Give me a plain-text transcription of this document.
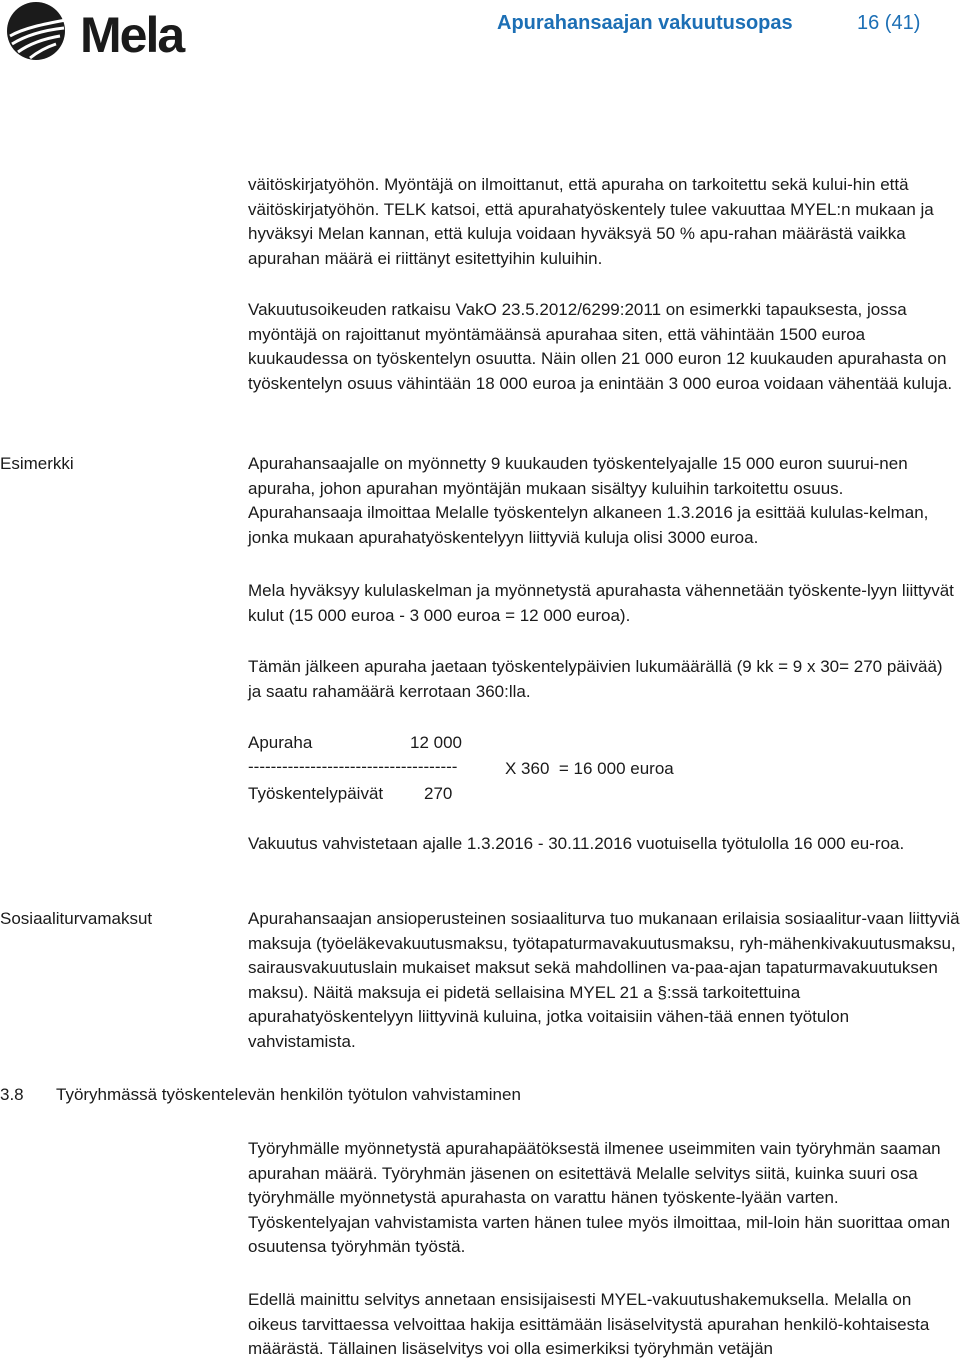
Mela	Apurahansaajan vakuutusopas	16 (41)

väitöskirjatyöhön. Myöntäjä on ilmoittanut, että apuraha on tarkoitettu sekä kului-hin että väitöskirjatyöhön. TELK katsoi, että apurahatyöskentely tulee vakuuttaa MYEL:n mukaan ja hyväksyi Melan kannan, että kuluja voidaan hyväksyä 50 % apu-rahan määrästä vaikka apurahan määrä ei riittänyt esitettyihin kuluihin.

Vakuutusoikeuden ratkaisu VakO 23.5.2012/6299:2011 on esimerkki tapauksesta, jossa myöntäjä on rajoittanut myöntämäänsä apurahaa siten, että vähintään 1500 euroa kuukaudessa on työskentelyn osuutta. Näin ollen 21 000 euron 12 kuukauden apurahasta on työskentelyn osuus vähintään 18 000 euroa ja enintään 3 000 euroa voidaan vähentää kuluja.

Esimerkki	Apurahansaajalle on myönnetty 9 kuukauden työskentelyajalle 15 000 euron suurui-nen apuraha, johon apurahan myöntäjän mukaan sisältyy kuluihin tarkoitettu osuus. Apurahansaaja ilmoittaa Melalle työskentelyn alkaneen 1.3.2016 ja esittää kululas-kelman, jonka mukaan apurahatyöskentelyyn liittyviä kuluja olisi 3000 euroa.

Mela hyväksyy kululaskelman ja myönnetystä apurahasta vähennetään työskente-lyyn liittyvät kulut (15 000 euroa - 3 000 euroa = 12 000 euroa).

Tämän jälkeen apuraha jaetaan työskentelypäivien lukumäärällä (9 kk = 9 x 30= 270 päivää) ja saatu rahamäärä kerrotaan 360:lla.

Apuraha	12 000
-------------------------------------	X 360  = 16 000 euroa
Työskentelypäivät 270

Vakuutus vahvistetaan ajalle 1.3.2016 - 30.11.2016 vuotuisella työtulolla 16 000 eu-roa.

Sosiaaliturvamaksut	Apurahansaajan ansioperusteinen sosiaaliturva tuo mukanaan erilaisia sosiaalitur-vaan liittyviä maksuja (työeläkevakuutusmaksu, työtapaturmavakuutusmaksu, ryh-mähenkivakuutusmaksu, sairausvakuutuslain mukaiset maksut sekä mahdollinen va-paa-ajan tapaturmavakuutuksen maksu). Näitä maksuja ei pidetä sellaisina MYEL 21 a §:ssä tarkoitettuina apurahatyöskentelyyn liittyvinä kuluina, jotka voitaisiin vähen-tää ennen työtulon vahvistamista.

3.8 Työryhmässä työskentelevän henkilön työtulon vahvistaminen

Työryhmälle myönnetystä apurahapäätöksestä ilmenee useimmiten vain työryhmän saaman apurahan määrä. Työryhmän jäsenen on esitettävä Melalle selvitys siitä, kuinka suuri osa työryhmälle myönnetystä apurahasta on varattu hänen työskente-lyään varten. Työskentelyajan vahvistamista varten hänen tulee myös ilmoittaa, mil-loin hän suorittaa oman osuutensa työryhmän työstä.

Edellä mainittu selvitys annetaan ensisijaisesti MYEL-vakuutushakemuksella. Melalla on oikeus tarvittaessa velvoittaa hakija esittämään lisäselvitystä apurahan henkilö-kohtaisesta määrästä. Tällainen lisäselvitys voi olla esimerkiksi työryhmän vetäjän
